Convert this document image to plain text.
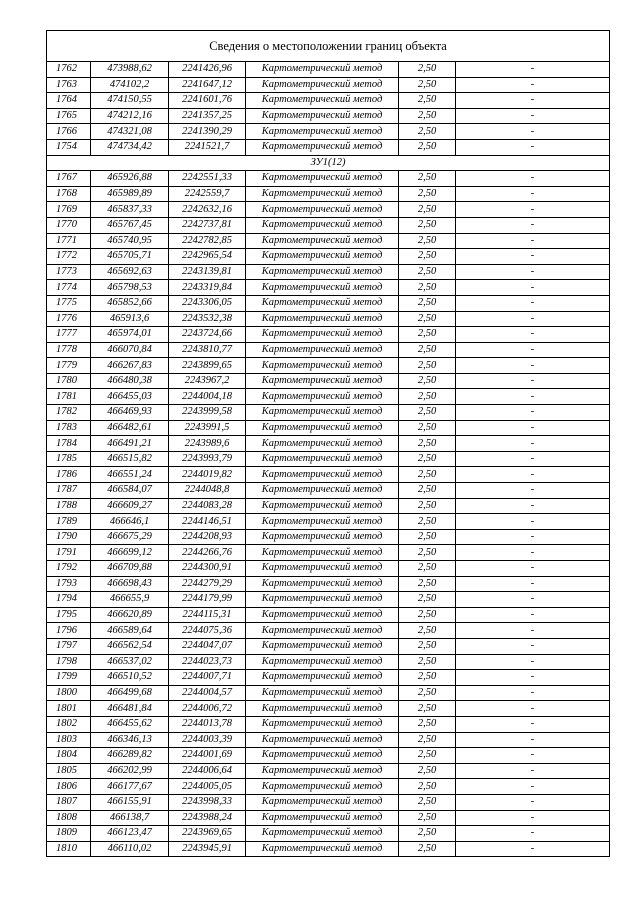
Сведения о местоположении границ объекта					
1762	473988,62	2241426,96	Картометрический метод	2,50	-
1763	474102,2	2241647,12	Картометрический метод	2,50	-
1764	474150,55	2241601,76	Картометрический метод	2,50	-
1765	474212,16	2241357,25	Картометрический метод	2,50	-
1766	474321,08	2241390,29	Картометрический метод	2,50	-
1754	474734,42	2241521,7	Картометрический метод	2,50	-
ЗУ1(12)					
1767	465926,88	2242551,33	Картометрический метод	2,50	-
1768	465989,89	2242559,7	Картометрический метод	2,50	-
1769	465837,33	2242632,16	Картометрический метод	2,50	-
1770	465767,45	2242737,81	Картометрический метод	2,50	-
1771	465740,95	2242782,85	Картометрический метод	2,50	-
1772	465705,71	2242965,54	Картометрический метод	2,50	-
1773	465692,63	2243139,81	Картометрический метод	2,50	-
1774	465798,53	2243319,84	Картометрический метод	2,50	-
1775	465852,66	2243306,05	Картометрический метод	2,50	-
1776	465913,6	2243532,38	Картометрический метод	2,50	-
1777	465974,01	2243724,66	Картометрический метод	2,50	-
1778	466070,84	2243810,77	Картометрический метод	2,50	-
1779	466267,83	2243899,65	Картометрический метод	2,50	-
1780	466480,38	2243967,2	Картометрический метод	2,50	-
1781	466455,03	2244004,18	Картометрический метод	2,50	-
1782	466469,93	2243999,58	Картометрический метод	2,50	-
1783	466482,61	2243991,5	Картометрический метод	2,50	-
1784	466491,21	2243989,6	Картометрический метод	2,50	-
1785	466515,82	2243993,79	Картометрический метод	2,50	-
1786	466551,24	2244019,82	Картометрический метод	2,50	-
1787	466584,07	2244048,8	Картометрический метод	2,50	-
1788	466609,27	2244083,28	Картометрический метод	2,50	-
1789	466646,1	2244146,51	Картометрический метод	2,50	-
1790	466675,29	2244208,93	Картометрический метод	2,50	-
1791	466699,12	2244266,76	Картометрический метод	2,50	-
1792	466709,88	2244300,91	Картометрический метод	2,50	-
1793	466698,43	2244279,29	Картометрический метод	2,50	-
1794	466655,9	2244179,99	Картометрический метод	2,50	-
1795	466620,89	2244115,31	Картометрический метод	2,50	-
1796	466589,64	2244075,36	Картометрический метод	2,50	-
1797	466562,54	2244047,07	Картометрический метод	2,50	-
1798	466537,02	2244023,73	Картометрический метод	2,50	-
1799	466510,52	2244007,71	Картометрический метод	2,50	-
1800	466499,68	2244004,57	Картометрический метод	2,50	-
1801	466481,84	2244006,72	Картометрический метод	2,50	-
1802	466455,62	2244013,78	Картометрический метод	2,50	-
1803	466346,13	2244003,39	Картометрический метод	2,50	-
1804	466289,82	2244001,69	Картометрический метод	2,50	-
1805	466202,99	2244006,64	Картометрический метод	2,50	-
1806	466177,67	2244005,05	Картометрический метод	2,50	-
1807	466155,91	2243998,33	Картометрический метод	2,50	-
1808	466138,7	2243988,24	Картометрический метод	2,50	-
1809	466123,47	2243969,65	Картометрический метод	2,50	-
1810	466110,02	2243945,91	Картометрический метод	2,50	-
